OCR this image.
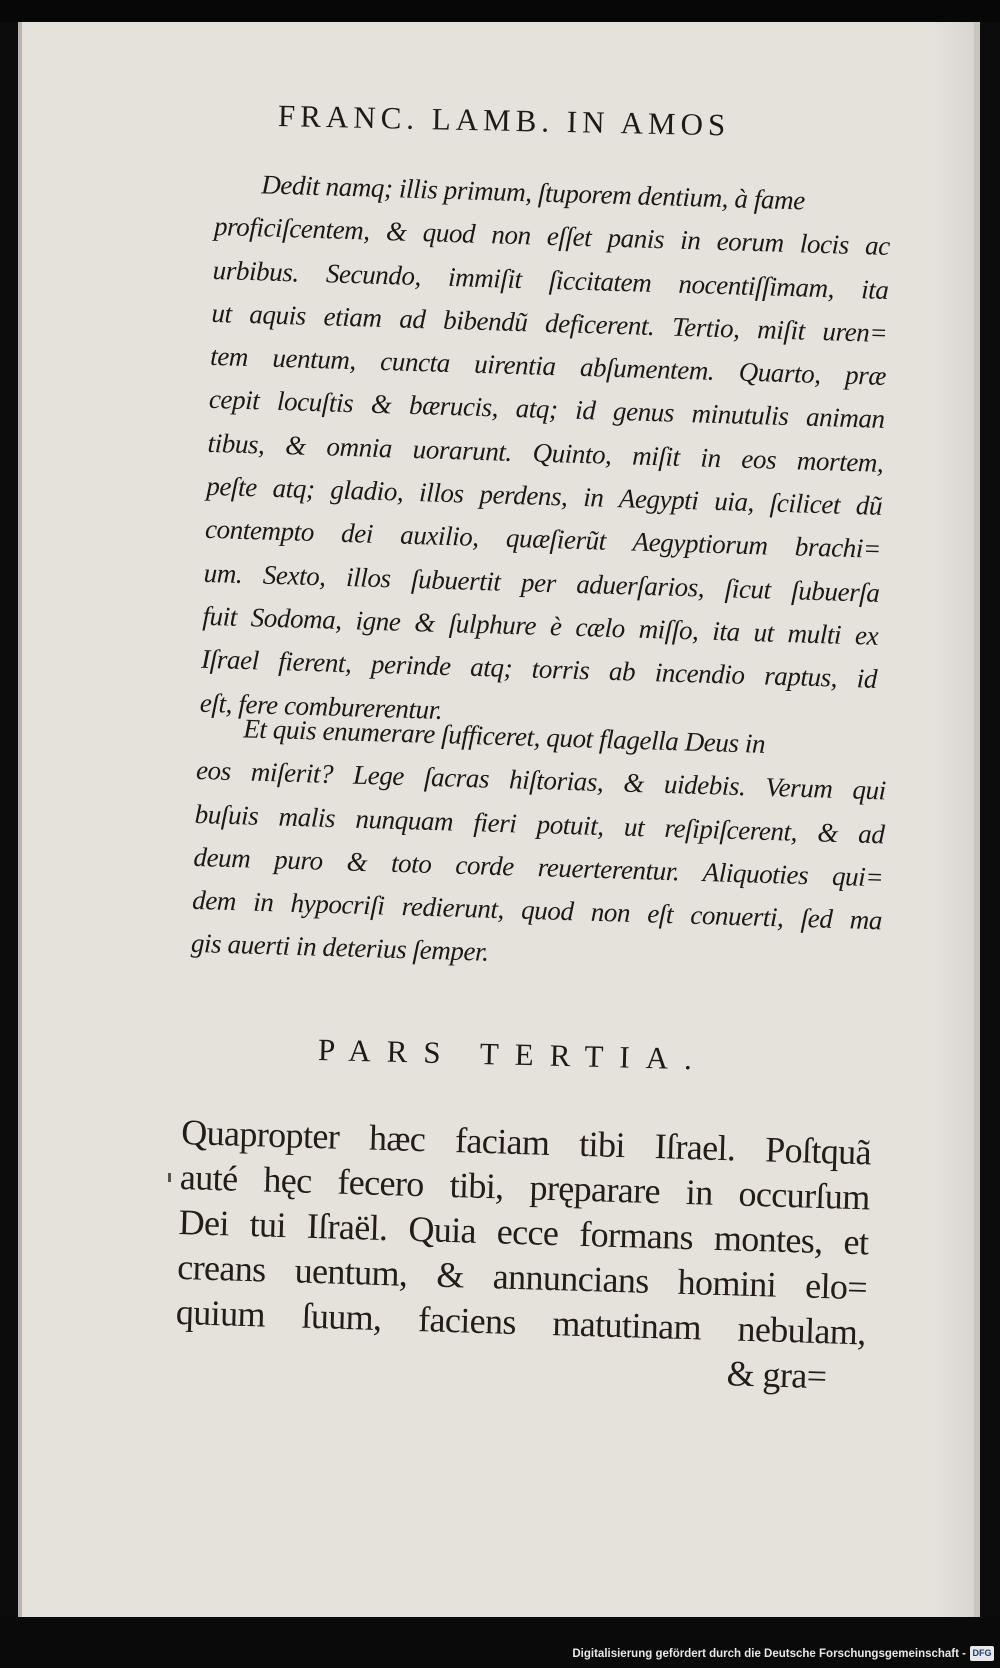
FRANC. LAMB. IN AMOS
Dedit namq; illis primum, ſtuporem dentium, à fame
proficiſcentem, & quod non eſſet panis in eorum locis ac
urbibus. Secundo, immiſit ſiccitatem nocentiſſimam, ita
ut aquis etiam ad bibendũ deficerent. Tertio, miſit uren=
tem uentum, cuncta uirentia abſumentem. Quarto, præ
cepit locuſtis & bærucis, atq; id genus minutulis animan
tibus, & omnia uorarunt. Quinto, miſit in eos mortem,
peſte atq; gladio, illos perdens, in Aegypti uia, ſcilicet dũ
contempto dei auxilio, quæſierũt Aegyptiorum brachi=
um. Sexto, illos ſubuertit per aduerſarios, ſicut ſubuerſa
fuit Sodoma, igne & ſulphure è cælo miſſo, ita ut multi ex
Iſrael fierent, perinde atq; torris ab incendio raptus, id
eſt, fere comburerentur.
Et quis enumerare ſufficeret, quot flagella Deus in
eos miſerit? Lege ſacras hiſtorias, & uidebis. Verum qui
buſuis malis nunquam fieri potuit, ut reſipiſcerent, & ad
deum puro & toto corde reuerterentur. Aliquoties qui=
dem in hypocriſi redierunt, quod non eſt conuerti, ſed ma
gis auerti in deterius ſemper.
PARS TERTIA.
Quapropter hæc faciam tibi Iſrael. Poſtquã
auté hęc fecero tibi, pręparare in occurſum
Dei tui Iſraël. Quia ecce formans montes, et
creans uentum, & annuncians homini elo=
quium ſuum, faciens matutinam nebulam,
& gra=
Digitalisierung gefördert durch die Deutsche Forschungsgemeinschaft - DFG
